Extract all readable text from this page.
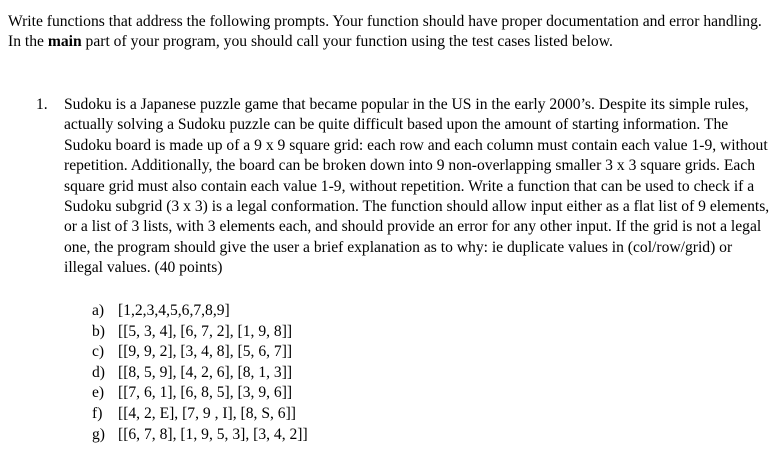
Write functions that address the following prompts. Your function should have proper documentation and error handling. In the main part of your program, you should call your function using the test cases listed below.

1.	Sudoku is a Japanese puzzle game that became popular in the US in the early 2000’s. Despite its simple rules, actually solving a Sudoku puzzle can be quite difficult based upon the amount of starting information. The Sudoku board is made up of a 9 x 9 square grid: each row and each column must contain each value 1-9, without repetition. Additionally, the board can be broken down into 9 non-overlapping smaller 3 x 3 square grids. Each square grid must also contain each value 1-9, without repetition. Write a function that can be used to check if a Sudoku subgrid (3 x 3) is a legal conformation. The function should allow input either as a flat list of 9 elements, or a list of 3 lists, with 3 elements each, and should provide an error for any other input. If the grid is not a legal one, the program should give the user a brief explanation as to why: ie duplicate values in (col/row/grid) or illegal values. (40 points)

a) [1,2,3,4,5,6,7,8,9]
b) [[5, 3, 4], [6, 7, 2], [1, 9, 8]]
c) [[9, 9, 2], [3, 4, 8], [5, 6, 7]]
d) [[8, 5, 9], [4, 2, 6], [8, 1, 3]]
e) [[7, 6, 1], [6, 8, 5], [3, 9, 6]]
f) [[4, 2, E], [7, 9 , I], [8, S, 6]]
g) [[6, 7, 8], [1, 9, 5, 3], [3, 4, 2]]
